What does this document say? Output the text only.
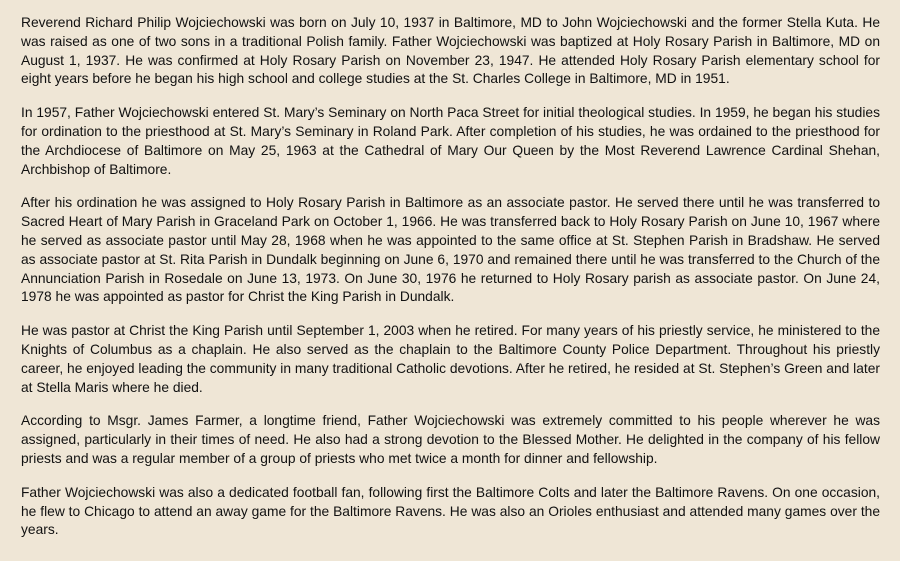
Reverend Richard Philip Wojciechowski was born on July 10, 1937 in Baltimore, MD to John Wojciechowski and the former Stella Kuta. He was raised as one of two sons in a traditional Polish family. Father Wojciechowski was baptized at Holy Rosary Parish in Baltimore, MD on August 1, 1937. He was confirmed at Holy Rosary Parish on November 23, 1947. He attended Holy Rosary Parish elementary school for eight years before he began his high school and college studies at the St. Charles College in Baltimore, MD in 1951.

In 1957, Father Wojciechowski entered St. Mary’s Seminary on North Paca Street for initial theological studies. In 1959, he began his studies for ordination to the priesthood at St. Mary’s Seminary in Roland Park. After completion of his studies, he was ordained to the priesthood for the Archdiocese of Baltimore on May 25, 1963 at the Cathedral of Mary Our Queen by the Most Reverend Lawrence Cardinal Shehan, Archbishop of Baltimore.

After his ordination he was assigned to Holy Rosary Parish in Baltimore as an associate pastor. He served there until he was transferred to Sacred Heart of Mary Parish in Graceland Park on October 1, 1966. He was transferred back to Holy Rosary Parish on June 10, 1967 where he served as associate pastor until May 28, 1968 when he was appointed to the same office at St. Stephen Parish in Bradshaw. He served as associate pastor at St. Rita Parish in Dundalk beginning on June 6, 1970 and remained there until he was transferred to the Church of the Annunciation Parish in Rosedale on June 13, 1973. On June 30, 1976 he returned to Holy Rosary parish as associate pastor. On June 24, 1978 he was appointed as pastor for Christ the King Parish in Dundalk.

He was pastor at Christ the King Parish until September 1, 2003 when he retired. For many years of his priestly service, he ministered to the Knights of Columbus as a chaplain. He also served as the chaplain to the Baltimore County Police Department. Throughout his priestly career, he enjoyed leading the community in many traditional Catholic devotions. After he retired, he resided at St. Stephen’s Green and later at Stella Maris where he died.

According to Msgr. James Farmer, a longtime friend, Father Wojciechowski was extremely committed to his people wherever he was assigned, particularly in their times of need. He also had a strong devotion to the Blessed Mother. He delighted in the company of his fellow priests and was a regular member of a group of priests who met twice a month for dinner and fellowship.

Father Wojciechowski was also a dedicated football fan, following first the Baltimore Colts and later the Baltimore Ravens. On one occasion, he flew to Chicago to attend an away game for the Baltimore Ravens. He was also an Orioles enthusiast and attended many games over the years.
